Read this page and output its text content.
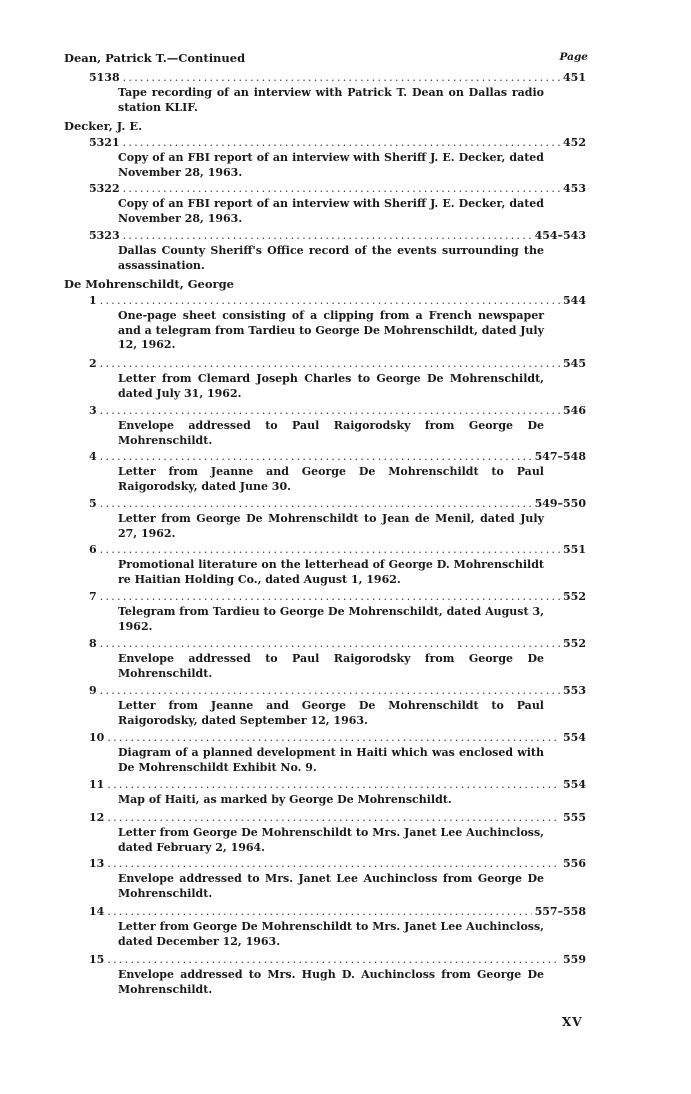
Dean, Patrick T.—Continued	Page
5138 . . .	451
Tape recording of an interview with Patrick T. Dean on Dallas radio station KLIF.
Decker, J. E.
5321 . . .	452
Copy of an FBI report of an interview with Sheriff J. E. Decker, dated November 28, 1963.
5322 . . .	453
Copy of an FBI report of an interview with Sheriff J. E. Decker, dated November 28, 1963.
5323 . . .	454–543
Dallas County Sheriff's Office record of the events surrounding the assassination.
De Mohrenschildt, George
1 . . .	544
One-page sheet consisting of a clipping from a French newspaper and a telegram from Tardieu to George De Mohrenschildt, dated July 12, 1962.
2 . . .	545
Letter from Clemard Joseph Charles to George De Mohrenschildt, dated July 31, 1962.
3 . . .	546
Envelope addressed to Paul Raigorodsky from George De Mohrenschildt.
4 . . .	547–548
Letter from Jeanne and George De Mohrenschildt to Paul Raigorodsky, dated June 30.
5 . . .	549–550
Letter from George De Mohrenschildt to Jean de Menil, dated July 27, 1962.
6 . . .	551
Promotional literature on the letterhead of George D. Mohrenschildt re Haitian Holding Co., dated August 1, 1962.
7 . . .	552
Telegram from Tardieu to George De Mohrenschildt, dated August 3, 1962.
8 . . .	552
Envelope addressed to Paul Raigorodsky from George De Mohrenschildt.
9 . . .	553
Letter from Jeanne and George De Mohrenschildt to Paul Raigorodsky, dated September 12, 1963.
10 . . .	554
Diagram of a planned development in Haiti which was enclosed with De Mohrenschildt Exhibit No. 9.
11 . . .	554
Map of Haiti, as marked by George De Mohrenschildt.
12 . . .	555
Letter from George De Mohrenschildt to Mrs. Janet Lee Auchincloss, dated February 2, 1964.
13 . . .	556
Envelope addressed to Mrs. Janet Lee Auchincloss from George De Mohrenschildt.
14 . . .	557–558
Letter from George De Mohrenschildt to Mrs. Janet Lee Auchincloss, dated December 12, 1963.
15 . . .	559
Envelope addressed to Mrs. Hugh D. Auchincloss from George De Mohrenschildt.
XV
